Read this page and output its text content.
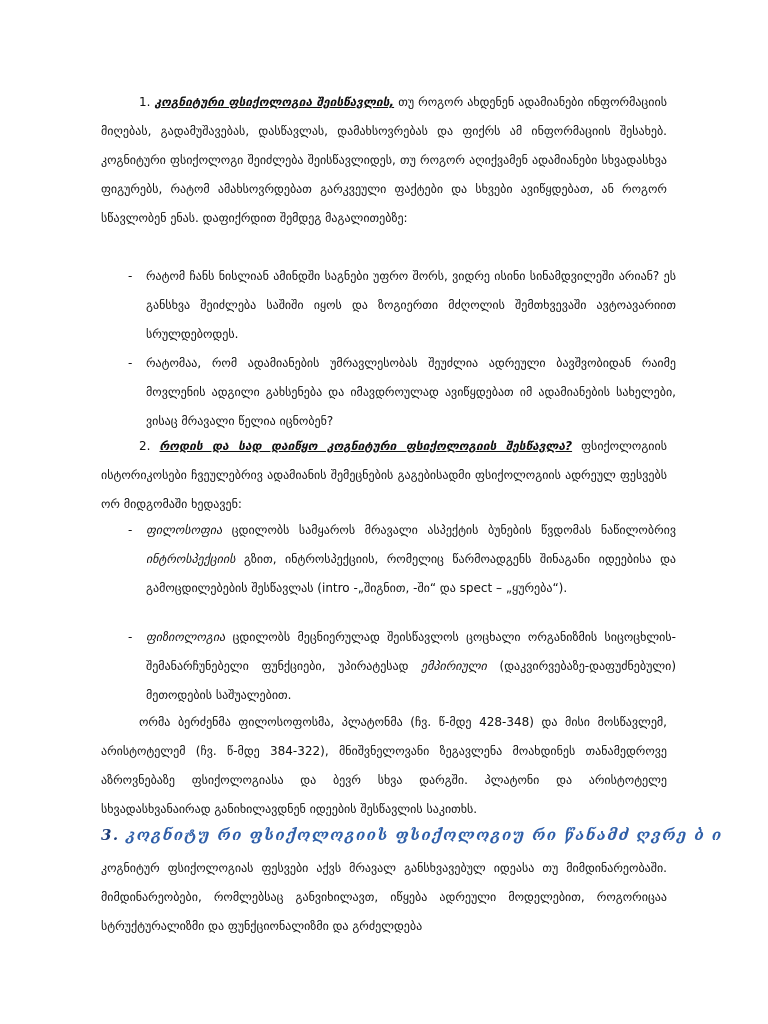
1. კოგნიტური ფსიქოლოგია შეისწავლის, თუ როგორ ახდენენ ადამიანები ინფორმაციის მიღებას, გადამუშავებას, დასწავლას, დამახსოვრებას და ფიქრს ამ ინფორმაციის შესახებ. კოგნიტური ფსიქოლოგი შეიძლება შეისწავლიდეს, თუ როგორ აღიქვამენ ადამიანები სხვადასხვა ფიგურებს, რატომ ამახსოვრდებათ გარკვეული ფაქტები და სხვები ავიწყდებათ, ან როგორ სწავლობენ ენას. დაფიქრდით შემდეგ მაგალითებზე:

- რატომ ჩანს ნისლიან ამინდში საგნები უფრო შორს, ვიდრე ისინი სინამდვილეში არიან? ეს განსხვა შეიძლება საშიში იყოს და ზოგიერთი მძღოლის შემთხვევაში ავტოავარიით სრულდებოდეს.

- რატომაა, რომ ადამიანების უმრავლესობას შეუძლია ადრეული ბავშვობიდან რაიმე მოვლენის ადგილი გახსენება და იმავდროულად ავიწყდებათ იმ ადამიანების სახელები, ვისაც მრავალი წელია იცნობენ?

2. როდის და სად დაიწყო კოგნიტური ფსიქოლოგიის შესწავლა? ფსიქოლოგიის ისტორიკოსები ჩვეულებრივ ადამიანის შემეცნების გაგებისადმი ფსიქოლოგიის ადრეულ ფესვებს ორ მიდგომაში ხედავენ:

- ფილოსოფია ცდილობს სამყაროს მრავალი ასპექტის ბუნების წვდომას ნაწილობრივ ინტროსპექციის გზით, ინტროსპექციის, რომელიც წარმოადგენს შინაგანი იდეებისა და გამოცდილებების შესწავლას (intro -„შიგნით, -ში“ და spect – „ყურება“).

- ფიზიოლოგია ცდილობს მეცნიერულად შეისწავლოს ცოცხალი ორგანიზმის სიცოცხლის- შემანარჩუნებელი ფუნქციები, უპირატესად ემპირიული (დაკვირვებაზე-დაფუძნებული) მეთოდების საშუალებით.

ორმა ბერძენმა ფილოსოფოსმა, პლატონმა (ჩვ. წ-მდე 428-348) და მისი მოსწავლემ, არისტოტელემ (ჩვ. წ-მდე 384-322), მნიშვნელოვანი ზეგავლენა მოახდინეს თანამედროვე აზროვნებაზე ფსიქოლოგიასა და ბევრ სხვა დარგში. პლატონი და არისტოტელე სხვადასხვანაირად განიხილავდნენ იდეების შესწავლის საკითხს.

3. კოგნიტუ რი ფსიქოლოგიის ფსიქოლოგიუ რი წანამძ ღვრე ბ ი

კოგნიტურ ფსიქოლოგიას ფესვები აქვს მრავალ განსხვავებულ იდეასა თუ მიმდინარეობაში. მიმდინარეობები, რომლებსაც განვიხილავთ, იწყება ადრეული მოდელებით, როგორიცაა სტრუქტურალიზმი და ფუნქციონალიზმი და გრძელდება
